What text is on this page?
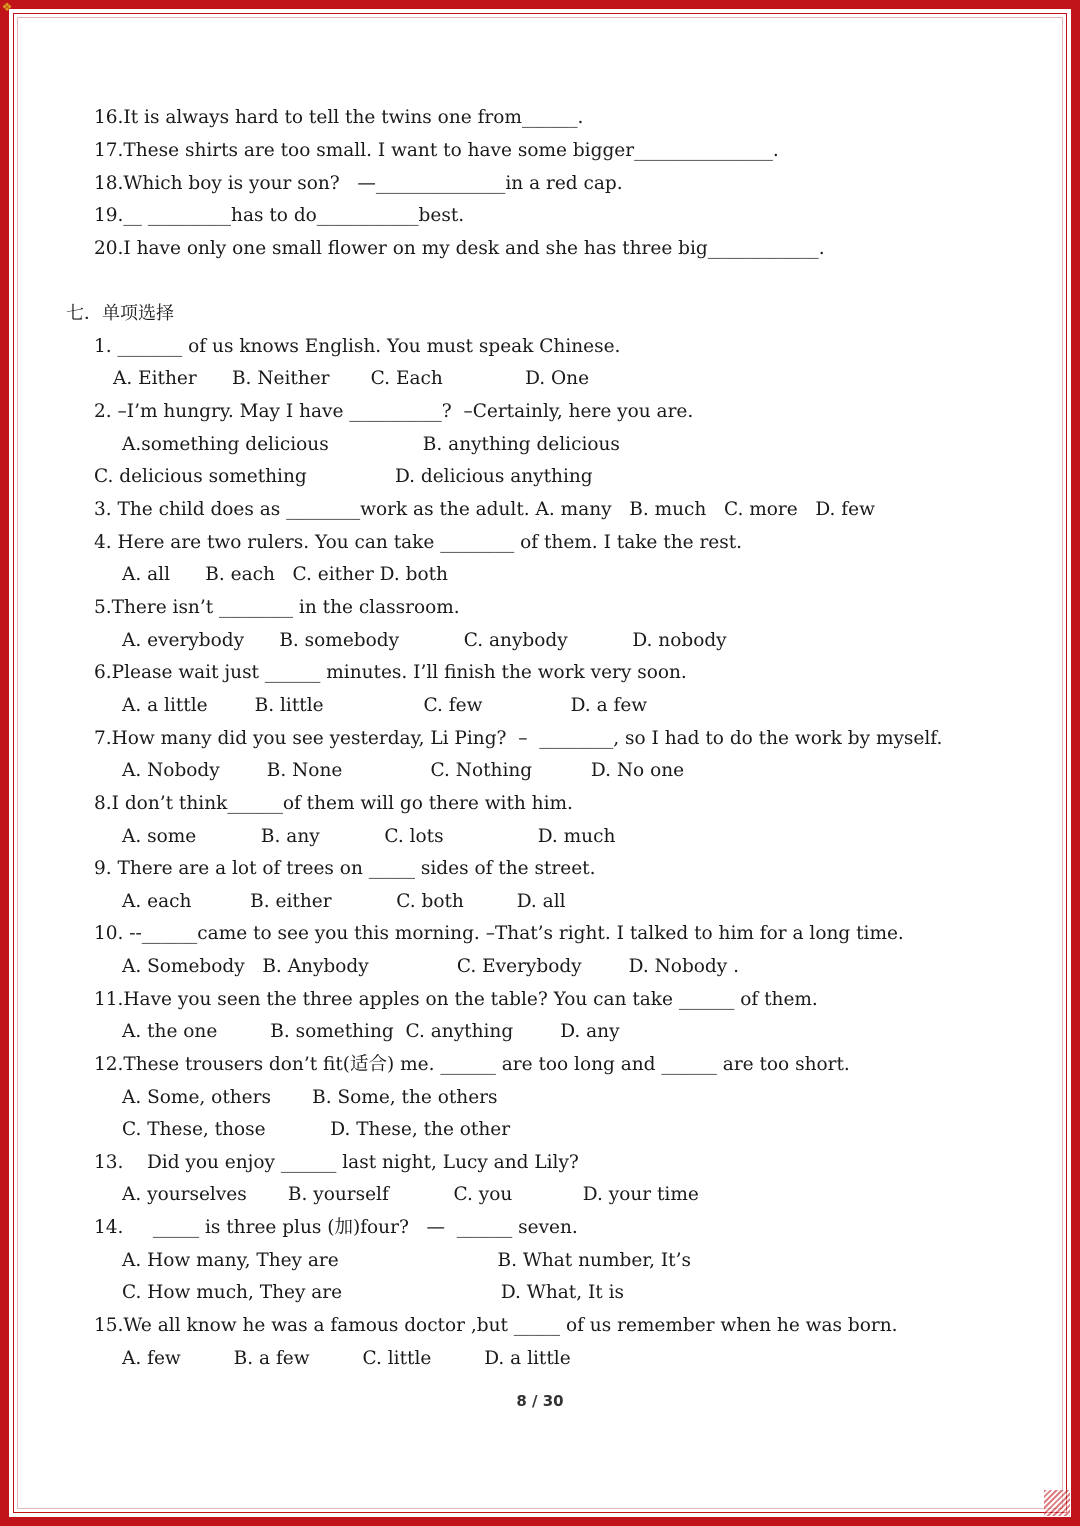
❖
16.It is always hard to tell the twins one from______.
17.These shirts are too small. I want to have some bigger_______________.
18.Which boy is your son?   —______________in a red cap.
19.__ _________has to do___________best.
20.I have only one small flower on my desk and she has three big____________.
七．单项选择
1. _______ of us knows English. You must speak Chinese.
A. Either      B. Neither       C. Each              D. One
2. –I’m hungry. May I have __________?  –Certainly, here you are.
A.something delicious                B. anything delicious
C. delicious something               D. delicious anything
3. The child does as ________work as the adult. A. many   B. much   C. more   D. few
4. Here are two rulers. You can take ________ of them. I take the rest.
A. all      B. each   C. either D. both
5.There isn’t ________ in the classroom.
A. everybody      B. somebody           C. anybody           D. nobody
6.Please wait just ______ minutes. I’ll finish the work very soon.
A. a little        B. little                 C. few               D. a few
7.How many did you see yesterday, Li Ping?  –  ________, so I had to do the work by myself.
A. Nobody        B. None               C. Nothing          D. No one
8.I don’t think______of them will go there with him.
A. some           B. any           C. lots                D. much
9. There are a lot of trees on _____ sides of the street.
A. each          B. either           C. both         D. all
10. --______came to see you this morning. –That’s right. I talked to him for a long time.
A. Somebody   B. Anybody               C. Everybody        D. Nobody .
11.Have you seen the three apples on the table? You can take ______ of them.
A. the one         B. something  C. anything        D. any
12.These trousers don’t fit(适合) me. ______ are too long and ______ are too short.
A. Some, others       B. Some, the others
C. These, those           D. These, the other
13.    Did you enjoy ______ last night, Lucy and Lily?
A. yourselves       B. yourself           C. you            D. your time
14.     _____ is three plus (加)four?   —  ______ seven.
A. How many, They are                           B. What number, It’s
C. How much, They are                           D. What, It is
15.We all know he was a famous doctor ,but _____ of us remember when he was born.
A. few         B. a few         C. little         D. a little
8 / 30
